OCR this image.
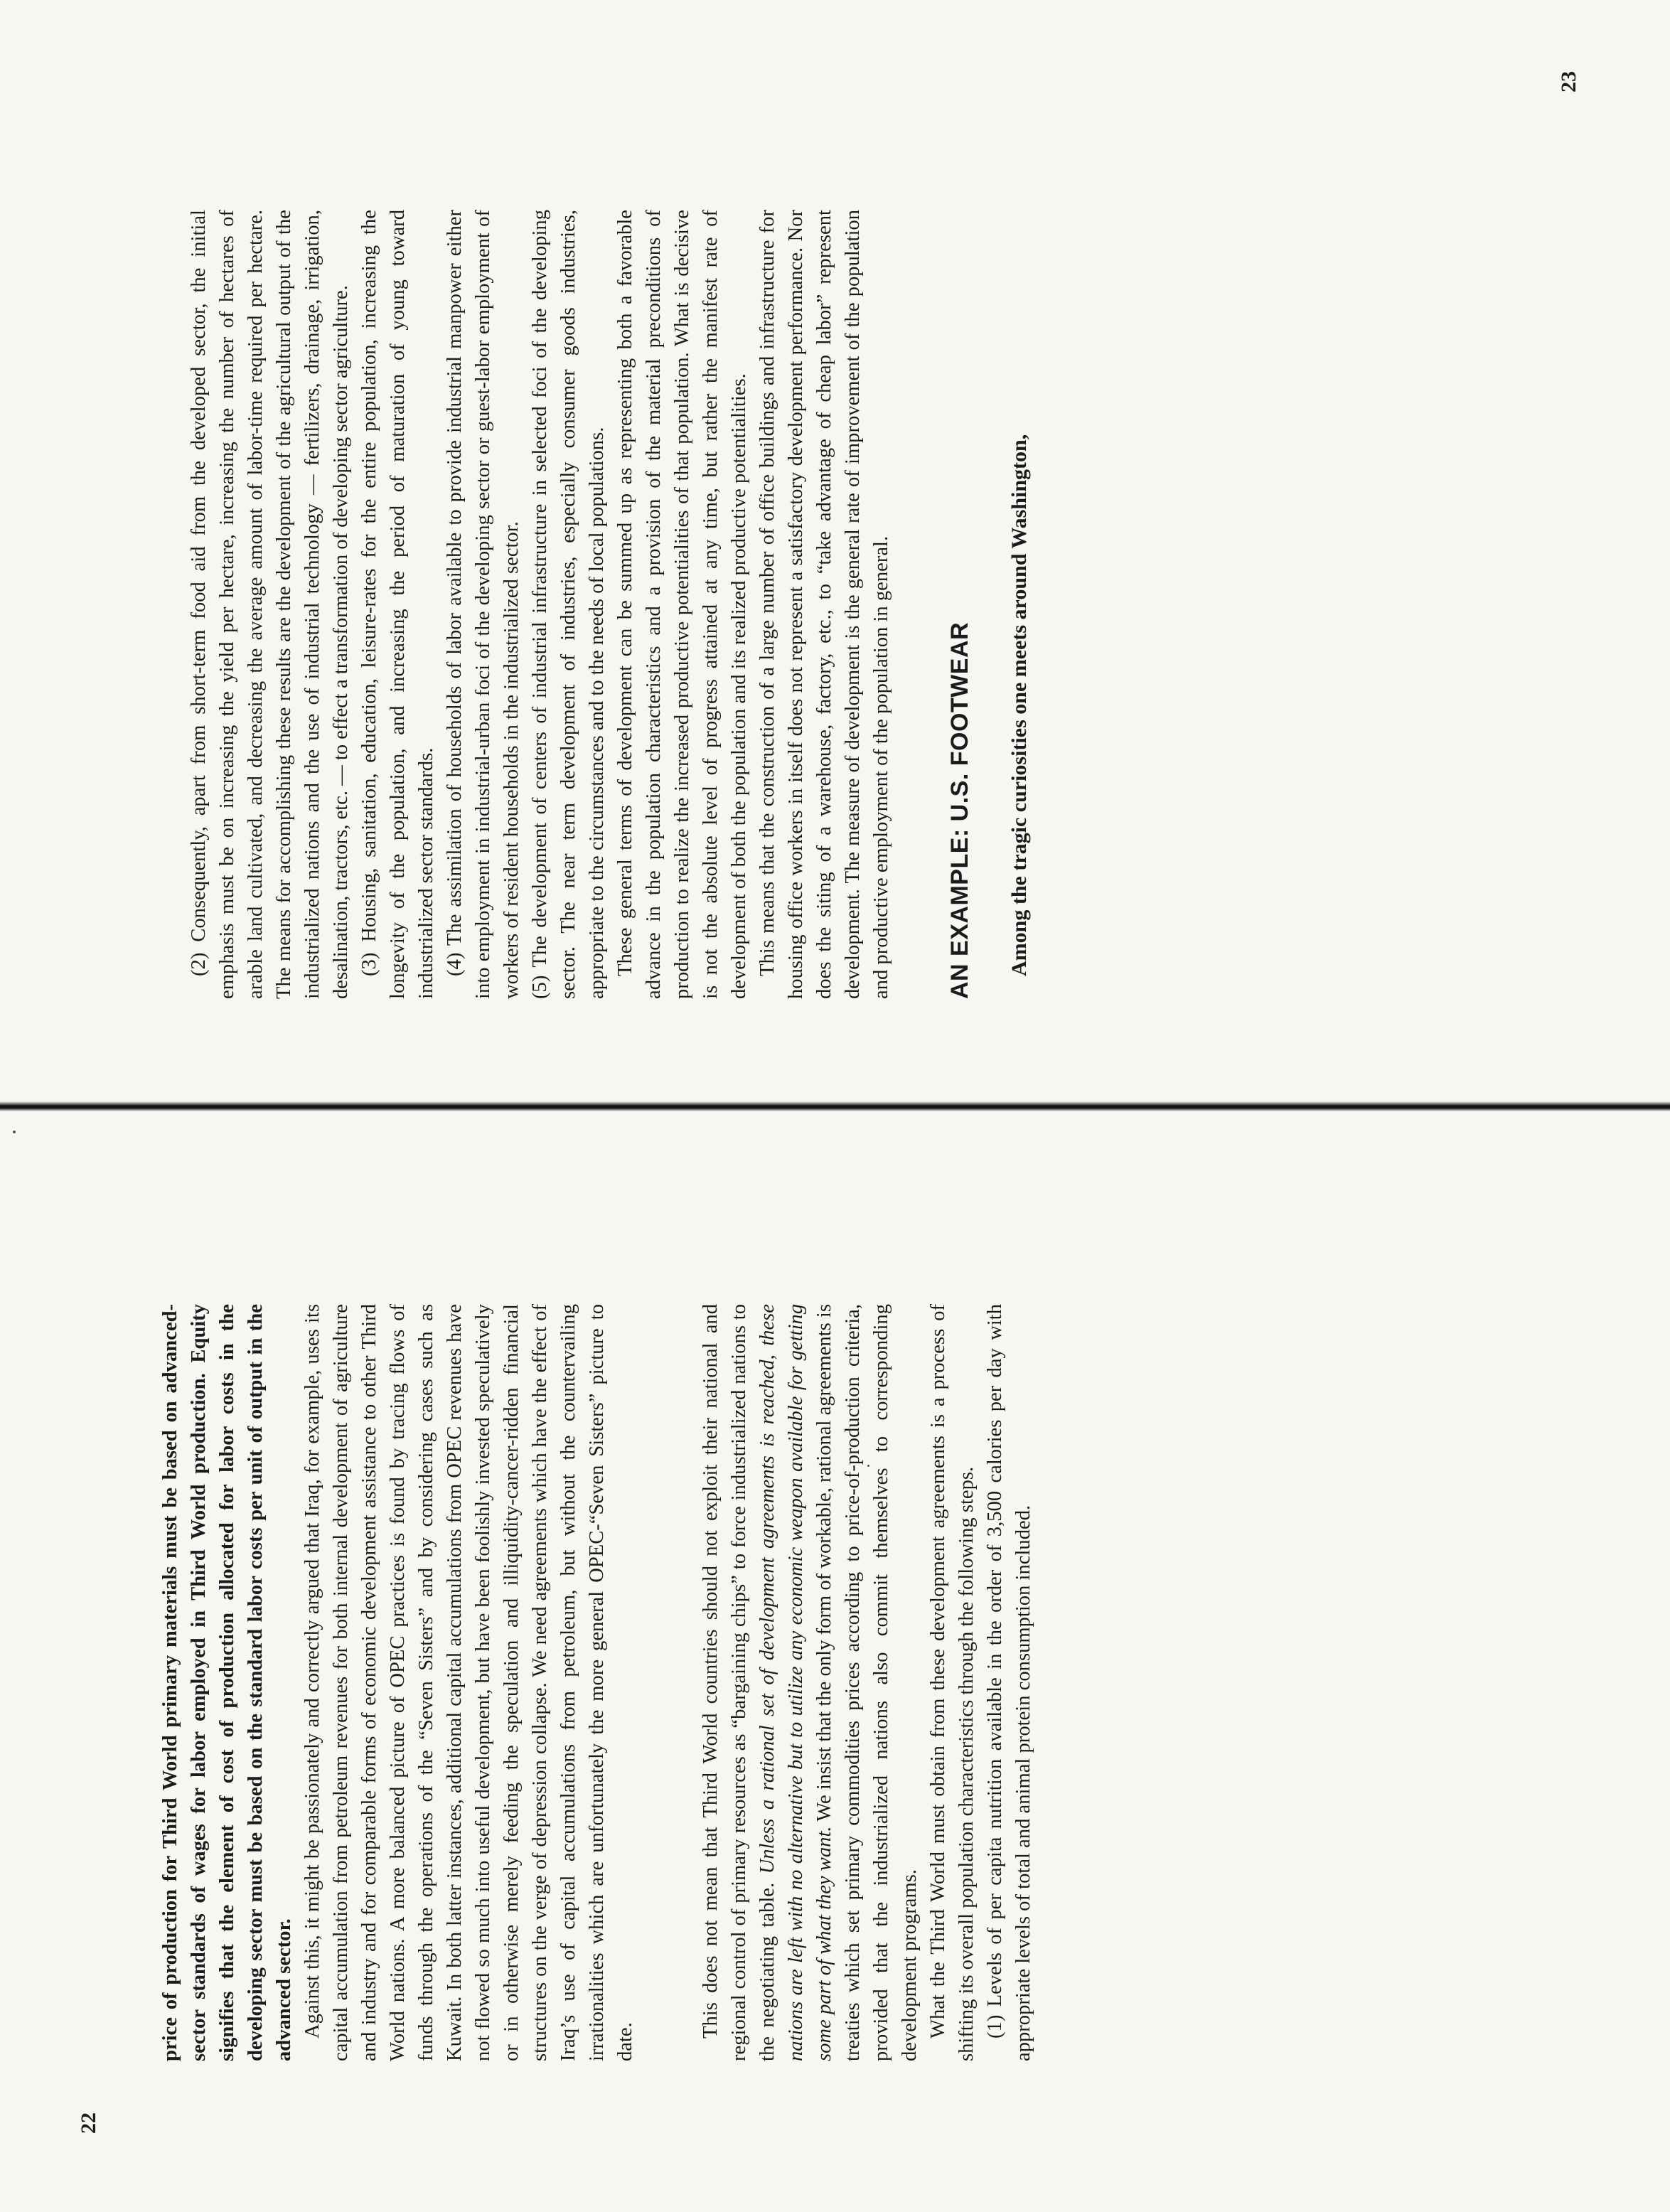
22

price of production for Third World primary materials must be based on advanced-sector standards of wages for labor employed in Third World production. Equity signifies that the element of cost of production allocated for labor costs in the developing sector must be based on the standard labor costs per unit of output in the advanced sector. Against this, it might be passionately and correctly argued that Iraq, for example, uses its capital accumulation from petroleum revenues for both internal development of agriculture and industry and for comparable forms of economic development assistance to other Third World nations. A more balanced picture of OPEC practices is found by tracing flows of funds through the operations of the “Seven Sisters” and by considering cases such as Kuwait. In both latter instances, additional capital accumulations from OPEC revenues have not flowed so much into useful development, but have been foolishly invested speculatively or in otherwise merely feeding the speculation and illiquidity-cancer-ridden financial structures on the verge of depression collapse. We need agreements which have the effect of Iraq’s use of capital accumulations from petroleum, but without the countervailing irrationalities which are unfortunately the more general OPEC-“Seven Sisters” picture to date.

This does not mean that Third World countries should not exploit their national and regional control of primary resources as “bargaining chips” to force industrialized nations to the negotiating table. Unless a rational set of development agreements is reached, these nations are left with no alternative but to utilize any economic weapon available for getting some part of what they want. We insist that the only form of workable, rational agreements is treaties which set primary commodities prices according to price-of-production criteria, provided that the industrialized nations also commit themselves to corresponding development programs. What the Third World must obtain from these development agreements is a process of shifting its overall population characteristics through the following steps. (1) Levels of per capita nutrition available in the order of 3,500 calories per day with appropriate levels of total and animal protein consumption included.

23

(2) Consequently, apart from short-term food aid from the developed sector, the initial emphasis must be on increasing the yield per hectare, increasing the number of hectares of arable land cultivated, and decreasing the average amount of labor-time required per hectare. The means for accomplishing these results are the development of the agricultural output of the industrialized nations and the use of industrial technology — fertilizers, drainage, irrigation, desalination, tractors, etc. — to effect a transformation of developing sector agriculture. (3) Housing, sanitation, education, leisure-rates for the entire population, increasing the longevity of the population, and increasing the period of maturation of young toward industrialized sector standards. (4) The assimilation of households of labor available to provide industrial manpower either into employment in industrial-urban foci of the developing sector or guest-labor employment of workers of resident households in the industrialized sector. (5) The development of centers of industrial infrastructure in selected foci of the developing sector. The near term development of industries, especially consumer goods industries, appropriate to the circumstances and to the needs of local populations. These general terms of development can be summed up as representing both a favorable advance in the population characteristics and a provision of the material preconditions of production to realize the increased productive potentialities of that population. What is decisive is not the absolute level of progress attained at any time, but rather the manifest rate of development of both the population and its realized productive potentialities. This means that the construction of a large number of office buildings and infrastructure for housing office workers in itself does not represent a satisfactory development performance. Nor does the siting of a warehouse, factory, etc., to “take advantage of cheap labor” represent development. The measure of development is the general rate of improvement of the population and productive employment of the population in general. AN EXAMPLE: U.S. FOOTWEAR Among the tragic curiosities one meets around Washington,
